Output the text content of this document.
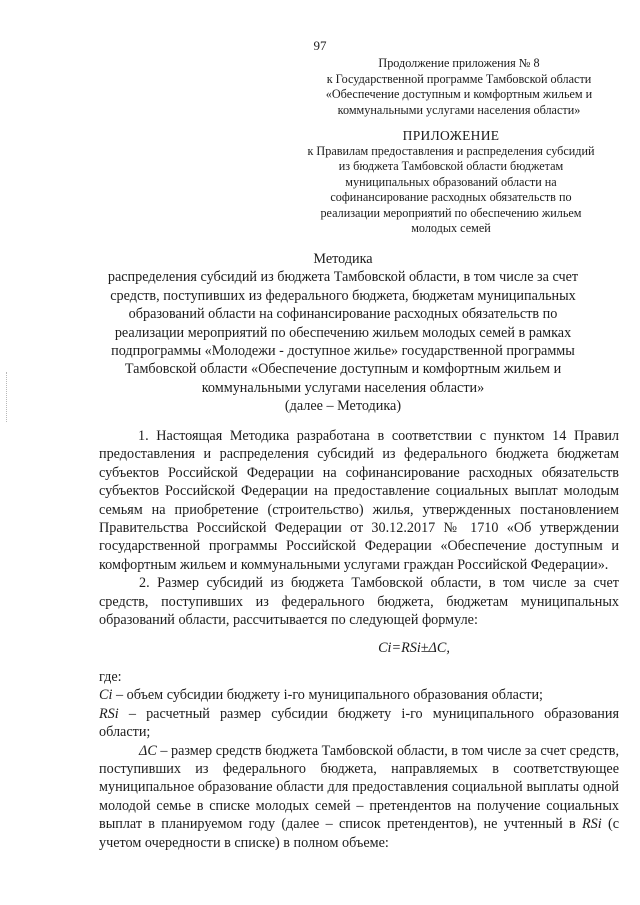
97
Продолжение приложения № 8
к Государственной программе Тамбовской области
«Обеспечение доступным и комфортным жильем и
коммунальными услугами населения области»
ПРИЛОЖЕНИЕ
к Правилам предоставления и распределения субсидий
из бюджета Тамбовской области бюджетам
муниципальных образований области на
софинансирование расходных обязательств по
реализации мероприятий по обеспечению жильем
молодых семей
Методика
распределения субсидий из бюджета Тамбовской области, в том числе за счет
средств, поступивших из федерального бюджета, бюджетам муниципальных
образований области на софинансирование расходных обязательств по
реализации мероприятий по обеспечению жильем молодых семей в рамках
подпрограммы «Молодежи - доступное жилье» государственной программы
Тамбовской области «Обеспечение доступным и комфортным жильем и
коммунальными услугами населения области»
(далее – Методика)

1. Настоящая Методика разработана в соответствии с пунктом 14 Правил предоставления и распределения субсидий из федерального бюджета бюджетам субъектов Российской Федерации на софинансирование расходных обязательств субъектов Российской Федерации на предоставление социальных выплат молодым семьям на приобретение (строительство) жилья, утвержденных постановлением Правительства Российской Федерации от 30.12.2017 № 1710 «Об утверждении государственной программы Российской Федерации «Обеспечение доступным и комфортным жильем и коммунальными услугами граждан Российской Федерации».

2. Размер субсидий из бюджета Тамбовской области, в том числе за счет средств, поступивших из федерального бюджета, бюджетам муниципальных образований области, рассчитывается по следующей формуле:

Ci=RSi±ΔC,

где:

Ci – объем субсидии бюджету i-го муниципального образования области;

RSi – расчетный размер субсидии бюджету i-го муниципального образования области;

ΔC – размер средств бюджета Тамбовской области, в том числе за счет средств, поступивших из федерального бюджета, направляемых в соответствующее муниципальное образование области для предоставления социальной выплаты одной молодой семье в списке молодых семей – претендентов на получение социальных выплат в планируемом году (далее – список претендентов), не учтенный в RSi (с учетом очередности в списке) в полном объеме:
